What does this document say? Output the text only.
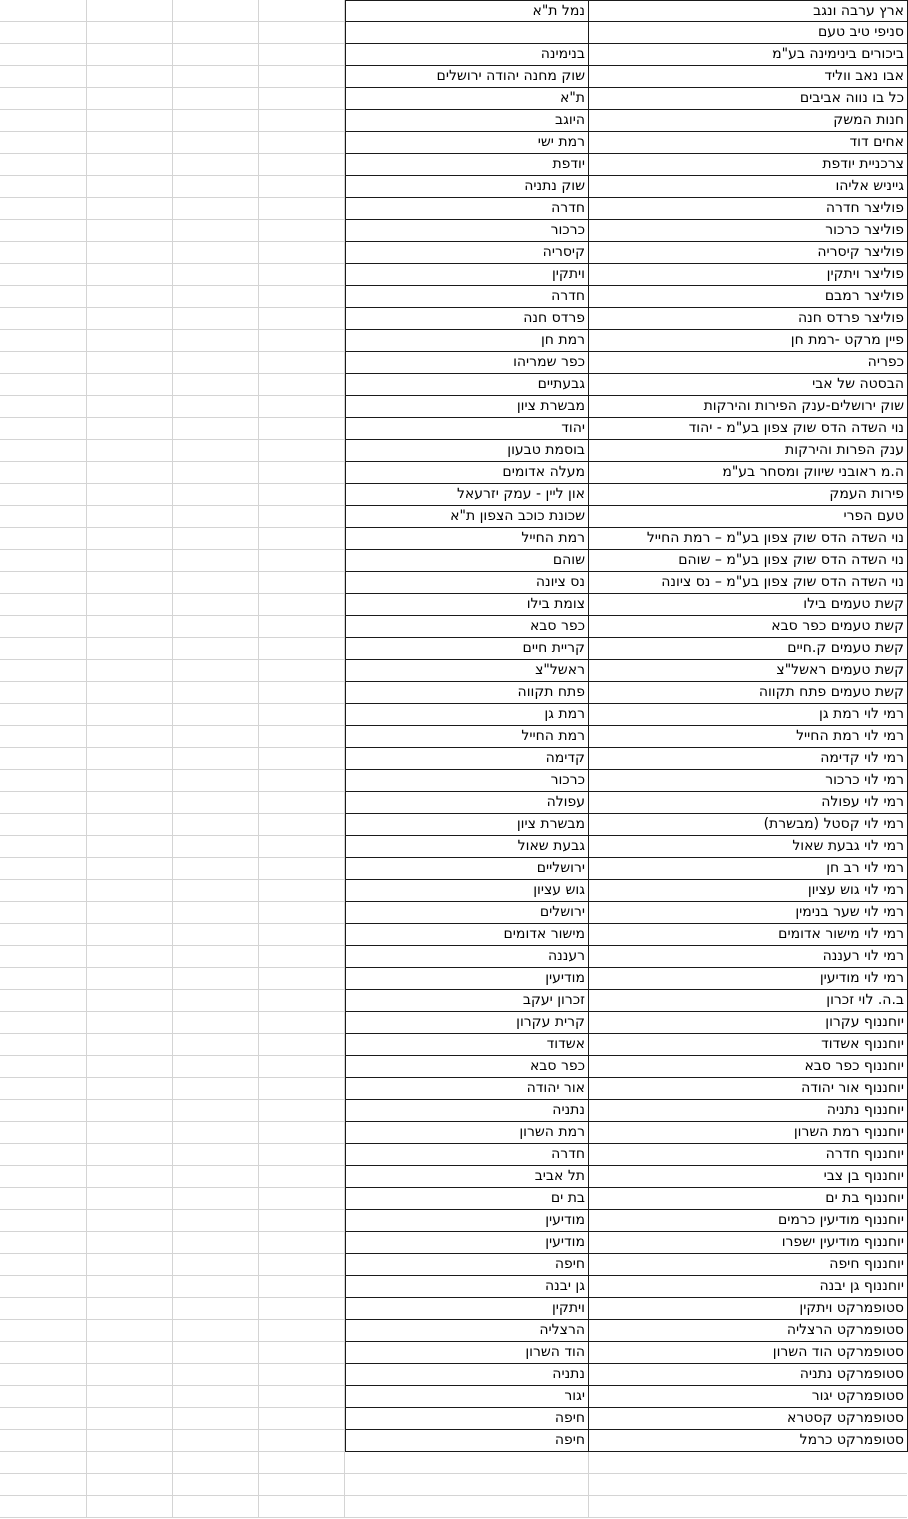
נמל ת"א	ארץ ערבה ונגב
סניפי טיב טעם
בנימינה	ביכורים בינימינה בע"מ
שוק מחנה יהודה ירושלים	אבו נאב ווליד
ת"א	כל בו נווה אביבים
היוגב	חנות המשק
רמת ישי	אחים דוד
יודפת	צרכניית יודפת
שוק נתניה	גייניש אליהו
חדרה	פוליצר חדרה
כרכור	פוליצר כרכור
קיסריה	פוליצר קיסריה
ויתקין	פוליצר ויתקין
חדרה	פוליצר רמבם
פרדס חנה	פוליצר פרדס חנה
רמת חן	פיין מרקט -רמת חן
כפר שמריהו	כפריה
גבעתיים	הבסטה של אבי
מבשרת ציון	שוק ירושלים-ענק הפירות והירקות
יהוד	נוי השדה הדס שוק צפון בע"מ - יהוד
בוסמת טבעון	ענק הפרות והירקות
מעלה אדומים	ה.מ ראובני שיווק ומסחר בע"מ
און ליין - עמק יזרעאל	פירות העמק
שכונת כוכב הצפון ת"א	טעם הפרי
רמת החייל	נוי השדה הדס שוק צפון בע"מ – רמת החייל
שוהם	נוי השדה הדס שוק צפון בע"מ – שוהם
נס ציונה	נוי השדה הדס שוק צפון בע"מ – נס ציונה
צומת בילו	קשת טעמים בילו
כפר סבא	קשת טעמים כפר סבא
קריית חיים	קשת טעמים ק.חיים
ראשל"צ	קשת טעמים ראשל"צ
פתח תקווה	קשת טעמים פתח תקווה
רמת גן	רמי לוי רמת גן
רמת החייל	רמי לוי רמת החייל
קדימה	רמי לוי קדימה
כרכור	רמי לוי כרכור
עפולה	רמי לוי עפולה
מבשרת ציון	רמי לוי קסטל (מבשרת)
גבעת שאול	רמי לוי גבעת שאול
ירושליים	רמי לוי רב חן
גוש עציון	רמי לוי גוש עציון
ירושלים	רמי לוי שער בנימין
מישור אדומים	רמי לוי מישור אדומים
רעננה	רמי לוי רעננה
מודיעין	רמי לוי מודיעין
זכרון יעקב	ב.ה. לוי זכרון
קרית עקרון	יוחננוף עקרון
אשדוד	יוחננוף אשדוד
כפר סבא	יוחננוף כפר סבא
אור יהודה	יוחננוף אור יהודה
נתניה	יוחננוף נתניה
רמת השרון	יוחננוף רמת השרון
חדרה	יוחננוף חדרה
תל אביב	יוחננוף בן צבי
בת ים	יוחננוף בת ים
מודיעין	יוחננוף מודיעין כרמים
מודיעין	יוחננוף מודיעין ישפרו
חיפה	יוחננוף חיפה
גן יבנה	יוחננוף גן יבנה
ויתקין	סטופמרקט ויתקין
הרצליה	סטופמרקט הרצליה
הוד השרון	סטופמרקט הוד השרון
נתניה	סטופמרקט נתניה
יגור	סטופמרקט יגור
חיפה	סטופמרקט קסטרא
חיפה	סטופמרקט כרמל
